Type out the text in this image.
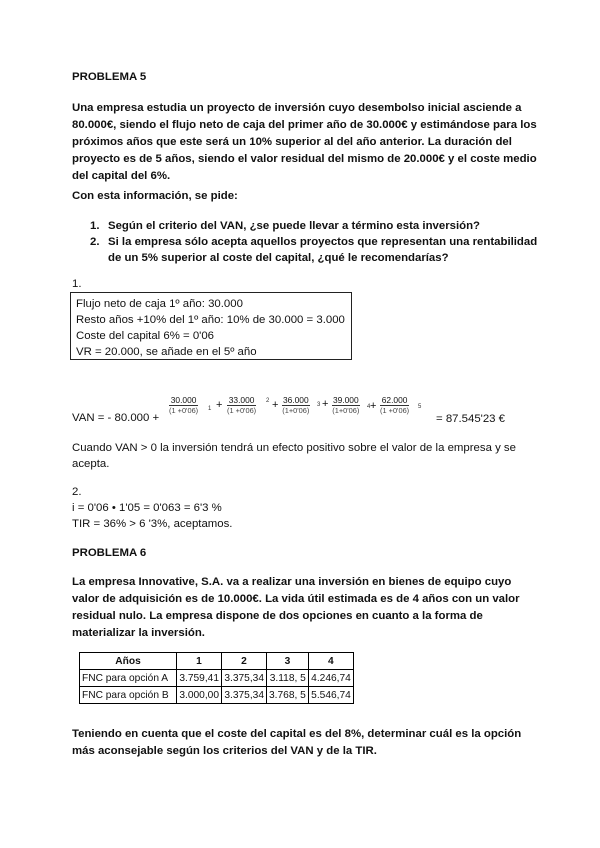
PROBLEMA 5
Una empresa estudia un proyecto de inversión cuyo desembolso inicial asciende a
80.000€, siendo el flujo neto de caja del primer año de 30.000€ y estimándose para los
próximos años que este será un 10% superior al del año anterior. La duración del
proyecto es de 5 años, siendo el valor residual del mismo de 20.000€ y el coste medio
del capital del 6%.
Con esta información, se pide:
1. Según el criterio del VAN, ¿se puede llevar a término esta inversión?
2. Si la empresa sólo acepta aquellos proyectos que representan una rentabilidad
de un 5% superior al coste del capital, ¿qué le recomendarías?
1.
Flujo neto de caja 1º año: 30.000
Resto años +10% del 1º año: 10% de 30.000 = 3.000
Coste del capital 6% = 0'06
VR = 20.000, se añade en el 5º año
VAN = - 80.000 +
$\frac{30.000}{(1 +0'06)} 1 + \frac{33.000}{(1 +0'06)} 2 + \frac{36.000}{(1+0'06)} 3 + \frac{39.000}{(1+0'06)} 4 + \frac{62.000}{(1 +0'06)} 5$
= 87.545'23 €
Cuando VAN > 0 la inversión tendrá un efecto positivo sobre el valor de la empresa y se
acepta.
2.
i = 0'06 • 1'05 = 0'063 = 6'3 %
TIR = 36% > 6 '3%, aceptamos.
PROBLEMA 6
La empresa Innovative, S.A. va a realizar una inversión en bienes de equipo cuyo
valor de adquisición es de 10.000€. La vida útil estimada es de 4 años con un valor
residual nulo. La empresa dispone de dos opciones en cuanto a la forma de
materializar la inversión.
Años	1	2	3	4
FNC para opción A	3.759,41	3.375,34	3.118, 5	4.246,74
FNC para opción B	3.000,00	3.375,34	3.768, 5	5.546,74
Teniendo en cuenta que el coste del capital es del 8%, determinar cuál es la opción
más aconsejable según los criterios del VAN y de la TIR.
